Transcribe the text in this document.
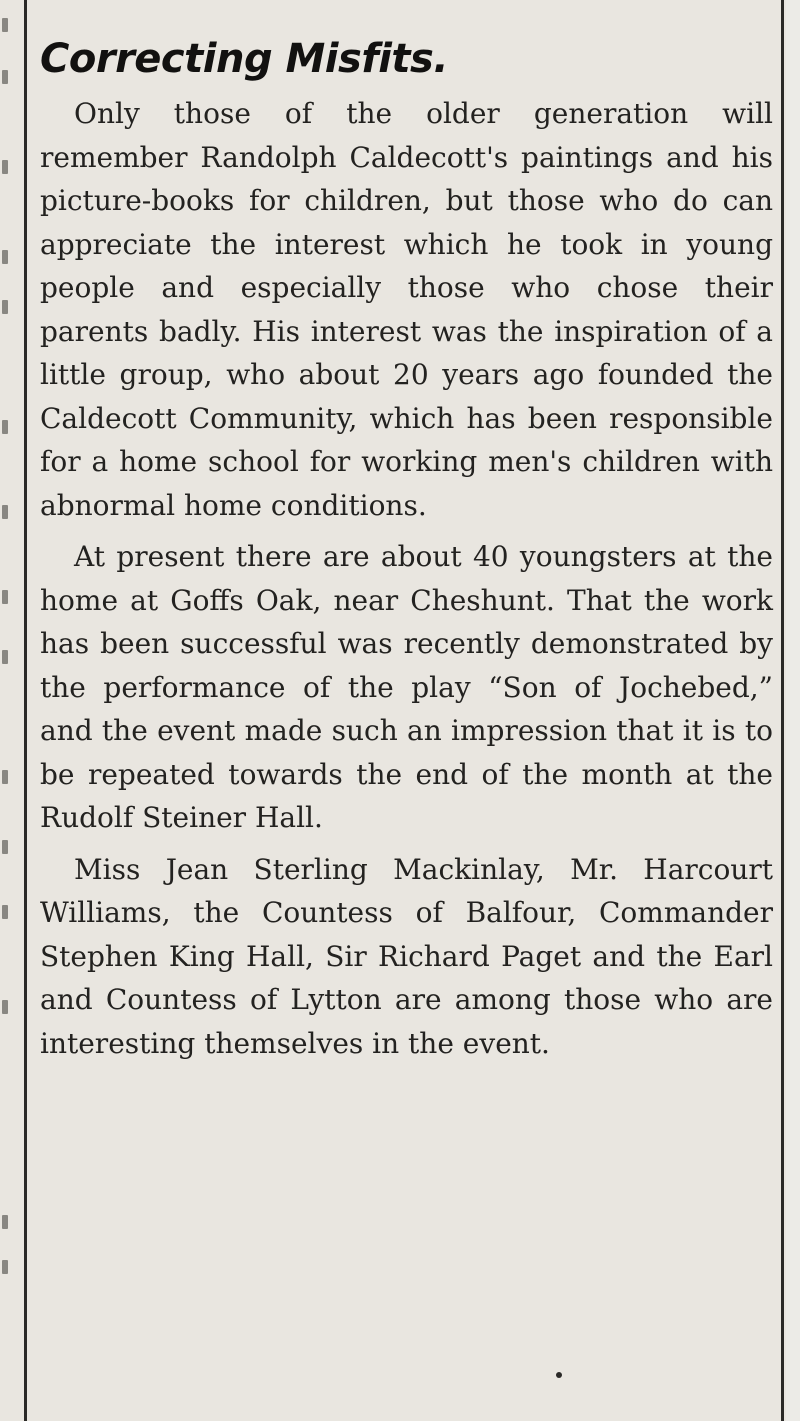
Correcting Misfits.

Only those of the older generation will remember Randolph Caldecott's paintings and his picture-books for children, but those who do can appreciate the interest which he took in young people and especially those who chose their parents badly. His interest was the inspiration of a little group, who about 20 years ago founded the Caldecott Community, which has been responsible for a home school for working men's children with abnormal home conditions.

At present there are about 40 youngsters at the home at Goffs Oak, near Cheshunt. That the work has been successful was recently demonstrated by the performance of the play “Son of Jochebed,” and the event made such an impression that it is to be repeated towards the end of the month at the Rudolf Steiner Hall.

Miss Jean Sterling Mackinlay, Mr. Harcourt Williams, the Countess of Balfour, Commander Stephen King Hall, Sir Richard Paget and the Earl and Countess of Lytton are among those who are interesting themselves in the event.
